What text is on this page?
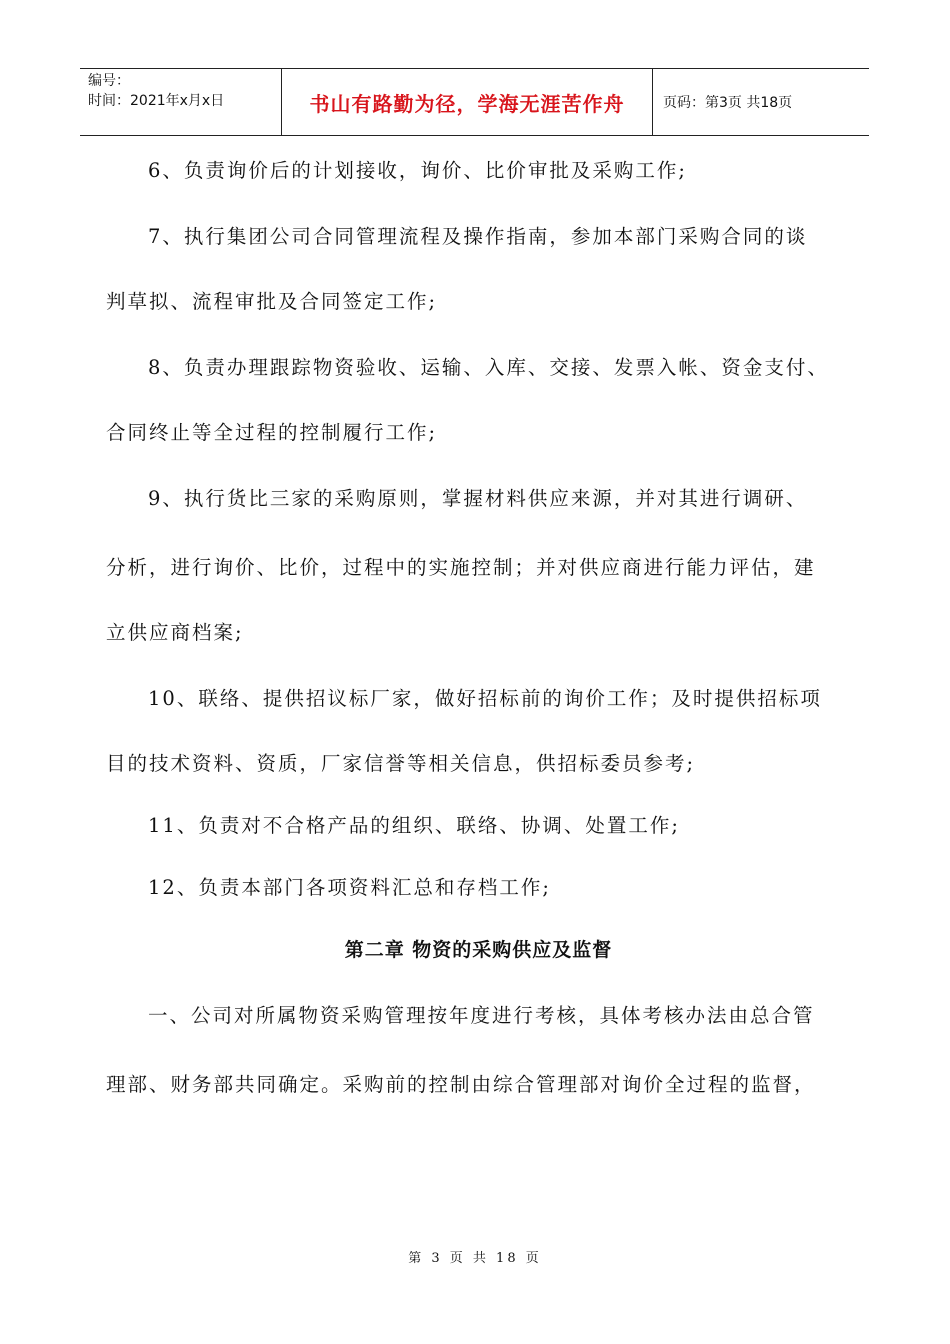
编号：
时间：2021年x月x日	书山有路勤为径，学海无涯苦作舟	页码：第3页 共18页
6、负责询价后的计划接收，询价、比价审批及采购工作;
7、执行集团公司合同管理流程及操作指南，参加本部门采购合同的谈
判草拟、流程审批及合同签定工作;
8、负责办理跟踪物资验收、运输、入库、交接、发票入帐、资金支付、
合同终止等全过程的控制履行工作;
9、执行货比三家的采购原则，掌握材料供应来源，并对其进行调研、
分析，进行询价、比价，过程中的实施控制；并对供应商进行能力评估，建
立供应商档案;
10、联络、提供招议标厂家，做好招标前的询价工作；及时提供招标项
目的技术资料、资质，厂家信誉等相关信息，供招标委员参考;
11、负责对不合格产品的组织、联络、协调、处置工作;
12、负责本部门各项资料汇总和存档工作;
第二章 物资的采购供应及监督
一、公司对所属物资采购管理按年度进行考核，具体考核办法由总合管
理部、财务部共同确定。采购前的控制由综合管理部对询价全过程的监督，
第 3 页 共 18 页
